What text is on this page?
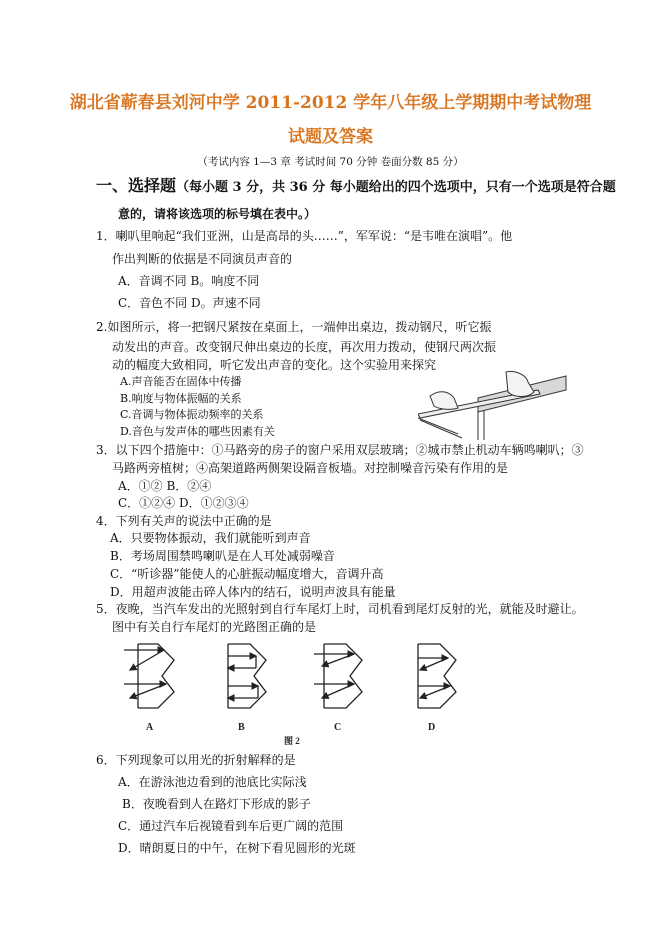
湖北省蕲春县刘河中学 2011-2012 学年八年级上学期期中考试物理
试题及答案
（考试内容 1—3 章 考试时间 70 分钟 卷面分数 85 分）
一、选择题（每小题 3 分，共 36 分 每小题给出的四个选项中，只有一个选项是符合题
意的，请将该选项的标号填在表中。）
1．喇叭里响起“我们亚洲，山是高昂的头……”，军军说：“是韦唯在演唱”。他
作出判断的依据是不同演员声音的
A．音调不同 B。响度不同
C．音色不同 D。声速不同
2.如图所示，将一把钢尺紧按在桌面上，一端伸出桌边，拨动钢尺，听它振
动发出的声音。改变钢尺伸出桌边的长度，再次用力拨动，使钢尺两次振
动的幅度大致相同，听它发出声音的变化。这个实验用来探究
A.声音能否在固体中传播
B.响度与物体振幅的关系
C.音调与物体振动频率的关系
D.音色与发声体的哪些因素有关
3．以下四个措施中：①马路旁的房子的窗户采用双层玻璃；②城市禁止机动车辆鸣喇叭；③
马路两旁植树；④高架道路两侧架设隔音板墙。对控制噪音污染有作用的是
A．①② B．②④
C．①②④ D．①②③④
4．下列有关声的说法中正确的是
A．只要物体振动，我们就能听到声音
B．考场周围禁鸣喇叭是在人耳处减弱噪音
C．“听诊器”能使人的心脏振动幅度增大，音调升高
D．用超声波能击碎人体内的结石，说明声波具有能量
5．夜晚，当汽车发出的光照射到自行车尾灯上时，司机看到尾灯反射的光，就能及时避让。
图中有关自行车尾灯的光路图正确的是
A	B	C	D
图 2
6．下列现象可以用光的折射解释的是
A．在游泳池边看到的池底比实际浅
B．夜晚看到人在路灯下形成的影子
C．通过汽车后视镜看到车后更广阔的范围
D．晴朗夏日的中午，在树下看见圆形的光斑
